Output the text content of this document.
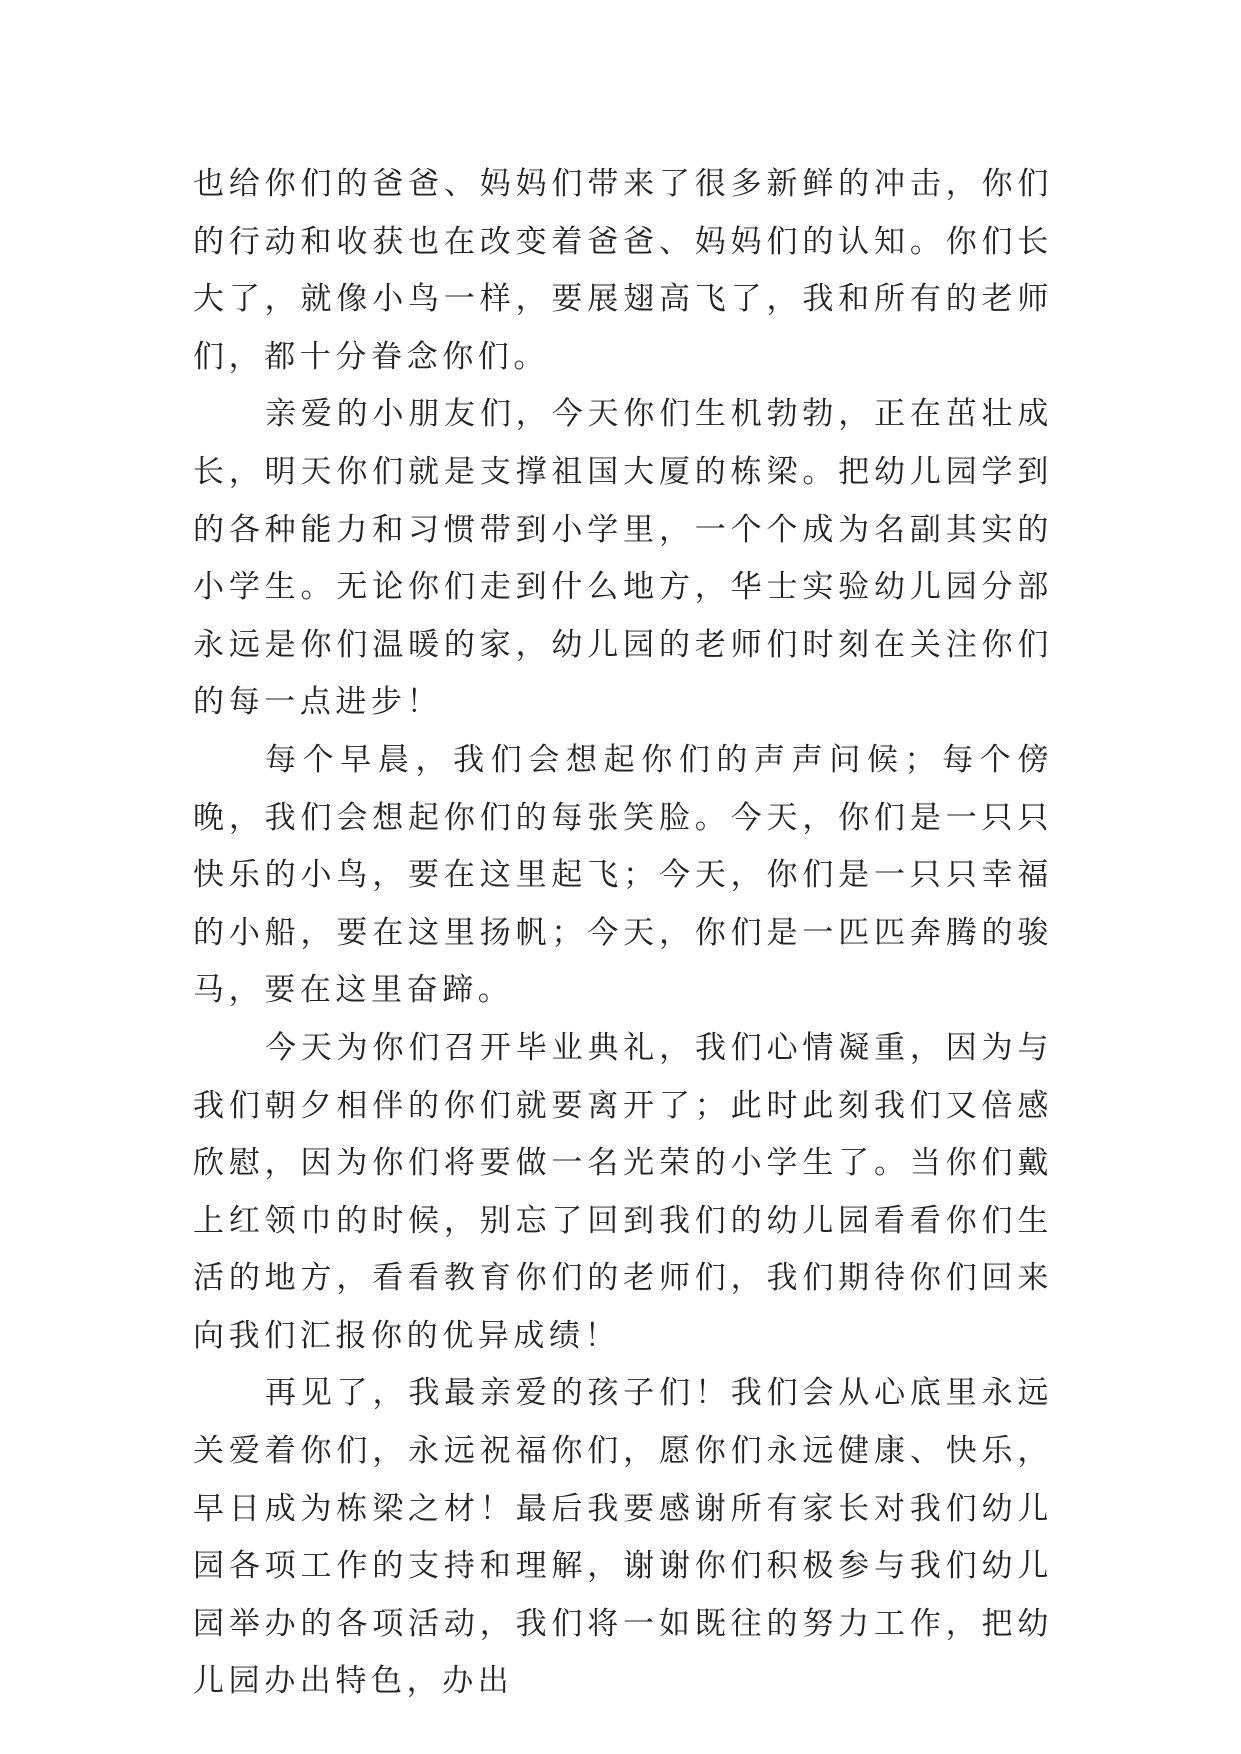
也给你们的爸爸、妈妈们带来了很多新鲜的冲击，你们的行动和收获也在改变着爸爸、妈妈们的认知。你们长大了，就像小鸟一样，要展翅高飞了，我和所有的老师们，都十分眷念你们。

亲爱的小朋友们，今天你们生机勃勃，正在茁壮成长，明天你们就是支撑祖国大厦的栋梁。把幼儿园学到的各种能力和习惯带到小学里，一个个成为名副其实的小学生。无论你们走到什么地方，华士实验幼儿园分部永远是你们温暖的家，幼儿园的老师们时刻在关注你们的每一点进步！

每个早晨，我们会想起你们的声声问候；每个傍晚，我们会想起你们的每张笑脸。今天，你们是一只只快乐的小鸟，要在这里起飞；今天，你们是一只只幸福的小船，要在这里扬帆；今天，你们是一匹匹奔腾的骏马，要在这里奋蹄。

今天为你们召开毕业典礼，我们心情凝重，因为与我们朝夕相伴的你们就要离开了；此时此刻我们又倍感欣慰，因为你们将要做一名光荣的小学生了。当你们戴上红领巾的时候，别忘了回到我们的幼儿园看看你们生活的地方，看看教育你们的老师们，我们期待你们回来向我们汇报你的优异成绩！

再见了，我最亲爱的孩子们！我们会从心底里永远关爱着你们，永远祝福你们，愿你们永远健康、快乐，早日成为栋梁之材！最后我要感谢所有家长对我们幼儿园各项工作的支持和理解，谢谢你们积极参与我们幼儿园举办的各项活动，我们将一如既往的努力工作，把幼儿园办出特色，办出
